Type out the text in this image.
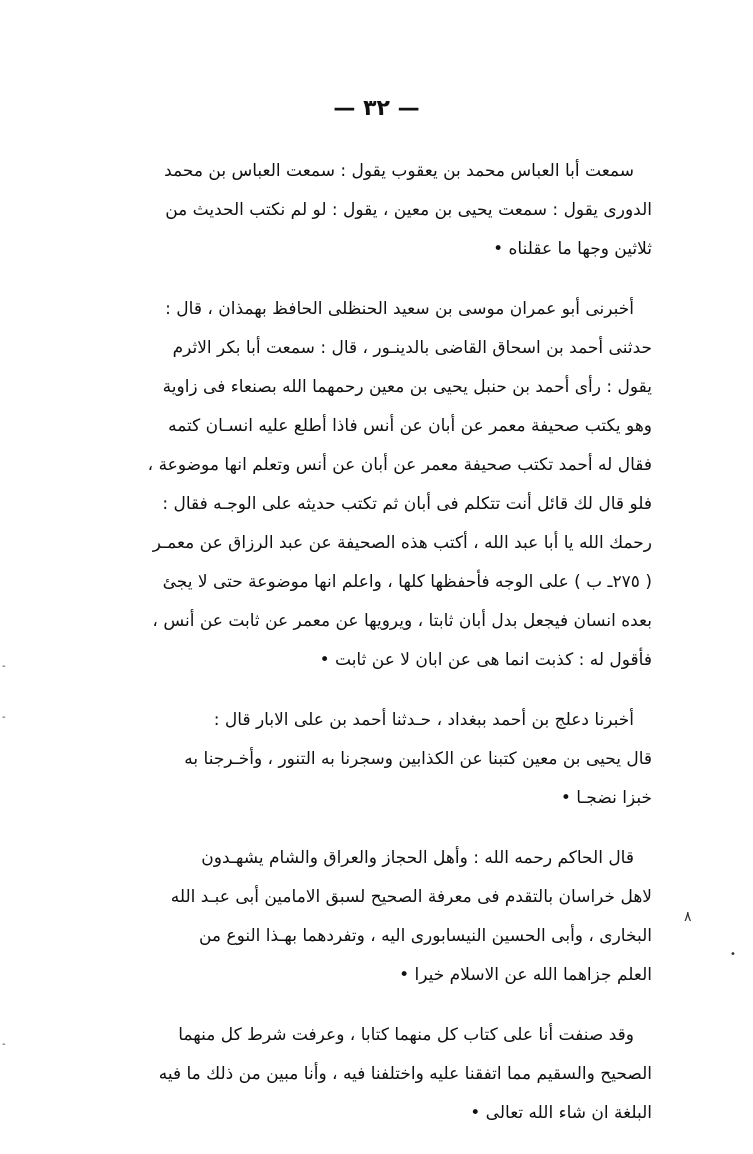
— ٣٢ —
سمعت أبا العباس محمد بن يعقوب يقول : سمعت العباس بن محمد
الدورى يقول : سمعت يحيى بن معين ، يقول : لو لم نكتب الحديث من
ثلاثين وجها ما عقلناه •
أخبرنى أبو عمران موسى بن سعيد الحنظلى الحافظ بهمذان ، قال :
حدثنى أحمد بن اسحاق القاضى بالدينـور ، قال : سمعت أبا بكر الاثرم
يقول : رأى أحمد بن حنبل يحيى بن معين رحمهما الله بصنعاء فى زاوية
وهو يكتب صحيفة معمر عن أبان عن أنس فاذا أطلع عليه انسـان كتمه
فقال له أحمد تكتب صحيفة معمر عن أبان عن أنس وتعلم انها موضوعة ،
فلو قال لك قائل أنت تتكلم فى أبان ثم تكتب حديثه على الوجـه فقال :
رحمك الله يا أبا عبد الله ، أكتب هذه الصحيفة عن عبد الرزاق عن معمـر
( ٢٧٥ـ ب ) على الوجه فأحفظها كلها ، واعلم انها موضوعة حتى لا يجئ
بعده انسان فيجعل بدل أبان ثابتا ، ويرويها عن معمر عن ثابت عن أنس ،
فأقول له : كذبت انما هى عن ابان لا عن ثابت •
أخبرنا دعلج بن أحمد ببغداد ، حـدثنا أحمد بن على الابار قال :
قال يحيى بن معين كتبنا عن الكذابين وسجرنا به التنور ، وأخـرجنا به
خبزا نضجـا •
قال الحاكم رحمه الله : وأهل الحجاز والعراق والشام يشهـدون
لاهل خراسان بالتقدم فى معرفة الصحيح لسبق الامامين أبى عبـد الله
البخارى ، وأبى الحسين النيسابورى اليه ، وتفردهما بهـذا النوع من
العلم جزاهما الله عن الاسلام خيرا •
وقد صنفت أنا على كتاب كل منهما كتابا ، وعرفت شرط كل منهما
الصحيح والسقيم مما اتفقنا عليه واختلفنا فيه ، وأنا مبين من ذلك ما فيه
البلغة ان شاء الله تعالى •
٨
•
-
-
-
